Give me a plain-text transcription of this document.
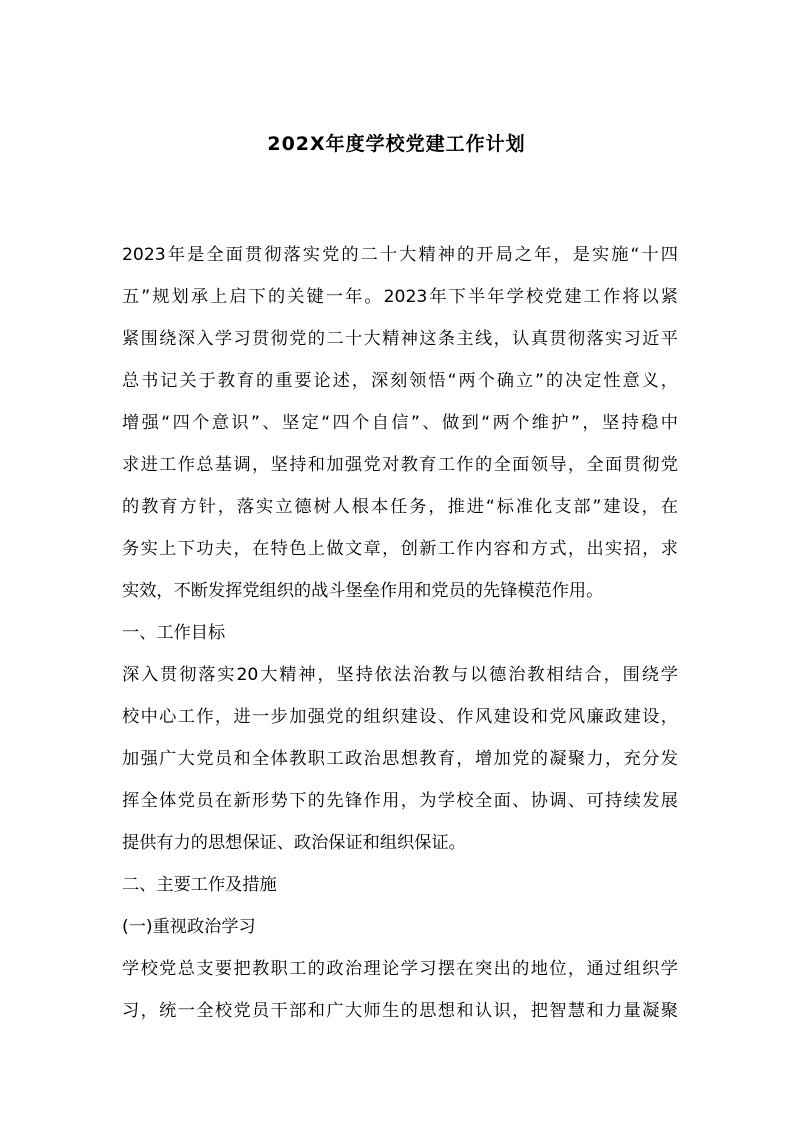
202X年度学校党建工作计划
2023年是全面贯彻落实党的二十大精神的开局之年，是实施“十四
五”规划承上启下的关键一年。2023年下半年学校党建工作将以紧
紧围绕深入学习贯彻党的二十大精神这条主线，认真贯彻落实习近平
总书记关于教育的重要论述，深刻领悟“两个确立”的决定性意义，
增强“四个意识”、坚定“四个自信”、做到“两个维护”，坚持稳中
求进工作总基调，坚持和加强党对教育工作的全面领导，全面贯彻党
的教育方针，落实立德树人根本任务，推进“标准化支部”建设，在
务实上下功夫，在特色上做文章，创新工作内容和方式，出实招，求
实效，不断发挥党组织的战斗堡垒作用和党员的先锋模范作用。
一、工作目标
深入贯彻落实20大精神，坚持依法治教与以德治教相结合，围绕学
校中心工作，进一步加强党的组织建设、作风建设和党风廉政建设，
加强广大党员和全体教职工政治思想教育，增加党的凝聚力，充分发
挥全体党员在新形势下的先锋作用，为学校全面、协调、可持续发展
提供有力的思想保证、政治保证和组织保证。
二、主要工作及措施
(一)重视政治学习
学校党总支要把教职工的政治理论学习摆在突出的地位，通过组织学
习，统一全校党员干部和广大师生的思想和认识，把智慧和力量凝聚
